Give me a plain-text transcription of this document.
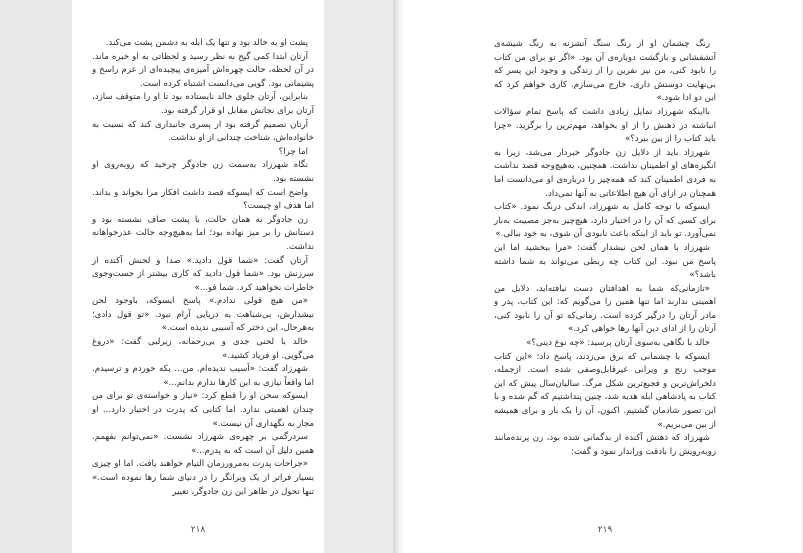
پشت او به خالد بود و تنها یک ابله به دشمن پشت می‌کند.

آرتان ابتدا کمی گیج به نظر رسید و لحظاتی به او خیره ماند. در آن لحظه، حالت چهره‌اش آمیزه‌ی پیچیده‌ای از عزم راسخ و پشیمانی بود. گویی می‌دانست اشتباه کرده است.

بنابراین، آرتان جلوی خالد نایستاده بود تا او را متوقف سازد، آرتان برای نجاتش مقابل او قرار گرفته بود.

آرتان تصمیم گرفته بود از پسری جانبداری کند که نسبت به خانواده‌اش، شناخت چندانی از او نداشت.

اما چرا؟

نگاه شهرزاد به‌سمت زن جادوگر چرخید که روبه‌روی او نشسته بود.

واضح است که ایسوکه قصد داشت افکار مرا بخواند و بداند. اما هدف او چیست؟

زن جادوگر به همان حالت، با پشت صاف نشسته بود و دستانش را بر میز نهاده بود؛ اما به‌هیچ‌وجه حالت عذرخواهانه نداشت.

آرتان گفت: «شما قول دادید.» صدا و لحنش آکنده از سرزنش بود. «شما قول دادید که کاری بیشتر از جست‌وجوی خاطرات نخواهید کرد. شما قو...»

«من هیچ قولی ندادم.» پاسخ ایسوکه، باوجود لحن نیشدارش، بی‌شباهت به دریایی آرام نبود. «تو قول دادی؛ به‌هرحال، این دختر که آسیبی ندیده است.»

خالد با لحنی جدی و بی‌رحمانه، زیرلبی گفت: «دروغ می‌گویی. او فریاد کشید.»

شهرزاد گفت: «آسیب ندیده‌ام. من... یکه خوردم و ترسیدم. اما واقعاً نیازی به این کارها ندارم بدانم...»

ایسوکه سخن او را قطع کرد: «نیاز و خواسته‌ی تو برای من چندان اهمیتی ندارد. اما کتابی که پدرت در اختیار دارد... او مجاز به نگهداری آن نیست.»

سردرگمی بر چهره‌ی شهرزاد نشست. «نمی‌توانم بفهمم. همین دلیل آن است که به پدرم...»

«جراحات پدرت به‌مرورزمان التیام خواهند یافت. اما او چیزی بسیار فراتر از یک ویرانگر را در دنیای شما رها نموده است.» تنها تحول در ظاهر این زن جادوگر، تغییر

۲۱۸

رنگ چشمان او از رنگ سنگ آتشزنه به رنگ شیشه‌ی آتشفشانی و بازگشت دوباره‌ی آن بود. «اگر تو برای من کتاب را نابود کنی، من نیز نفرین را از زندگی و وجود این پسر که بی‌نهایت دوستش داری، خارج می‌سازم. کاری خواهم کرد که این دو ادا شود.»

بااینکه شهرزاد تمایل زیادی داشت که پاسخ تمام سؤالات انباشته در ذهنش را از او بخواهد، مهم‌ترین را برگزید. «چرا باید کتاب را از بین ببرد؟»

شهرزاد باید از دلایل زن جادوگر خبردار می‌شد، زیرا به انگیزه‌های او اطمینان نداشت. همچنین، به‌هیچ‌وجه قصد نداشت به فردی اطمینان کند که همه‌چیز را درباره‌ی او می‌دانست اما همچنان در ازای آن هیچ اطلاعاتی به آنها نمی‌داد.

ایسوکه با توجه کامل به شهرزاد، اندکی درنگ نمود. «کتاب برای کسی که آن را در اختیار دارد، هیچ‌چیز به‌جز مصیبت به‌بار نمی‌آورد. تو باید از اینکه باعث نابودی آن شوی، به خود ببالی.»

شهرزاد با همان لحن نیشدار گفت: «مرا ببخشید اما این پاسخ من نبود. این کتاب چه ربطی می‌تواند به شما داشته باشد؟»

«تازمانی‌که شما به اهدافتان دست نیافته‌اید، دلایل من اهمیتی ندارند اما تنها همین را می‌گویم که: این کتاب، پدر و مادر آرتان را درگیر کرده است. زمانی‌که تو آن را نابود کنی، آرتان را از ادای دین آنها رها خواهی کرد.»

خالد با نگاهی به‌سوی آرتان پرسید: «چه نوع دینی؟»

ایسوکه با چشمانی که برق می‌زدند، پاسخ داد: «این کتاب موجب رنج و ویرانی غیرقابل‌وصفی شده است. ازجمله، دلخراش‌ترین و فجیع‌ترین شکل مرگ. سالیان‌سال پیش که این کتاب به پادشاهی ابله هدیه شد، چنین پنداشتیم که گم شده و با این تصور شادمان گشتیم. اکنون، آن را یک بار و برای همیشه از بین می‌بریم.»

شهرزاد که ذهنش آکنده از بدگمانی شده بود، زن پرنده‌مانند روبه‌رویش را بادقت وراندار نمود و گفت:

۲۱۹
